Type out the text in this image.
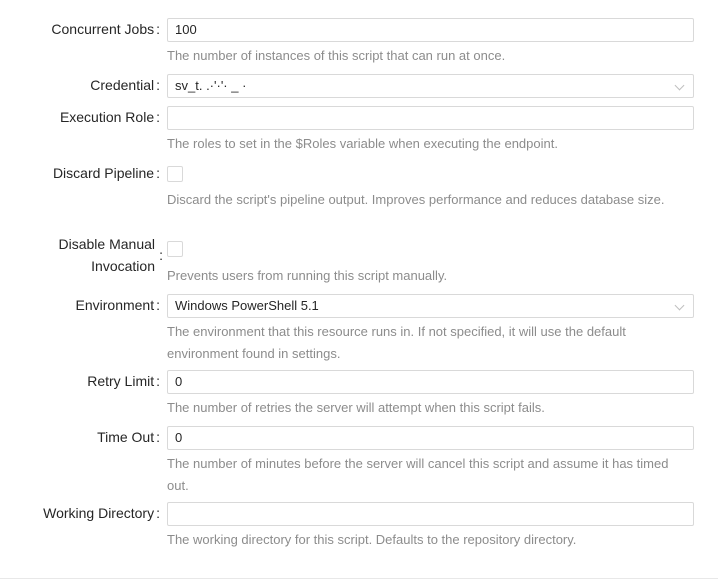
Concurrent Jobs : 100
The number of instances of this script that can run at once.
Credential : sv_t. .·'·'· _ ·
Execution Role :
The roles to set in the $Roles variable when executing the endpoint.
Discard Pipeline :
Discard the script's pipeline output. Improves performance and reduces database size.
Disable Manual
Invocation
:
Prevents users from running this script manually.
Environment : Windows PowerShell 5.1
The environment that this resource runs in. If not specified, it will use the default environment found in settings.
Retry Limit : 0
The number of retries the server will attempt when this script fails.
Time Out : 0
The number of minutes before the server will cancel this script and assume it has timed out.
Working Directory :
The working directory for this script. Defaults to the repository directory.
